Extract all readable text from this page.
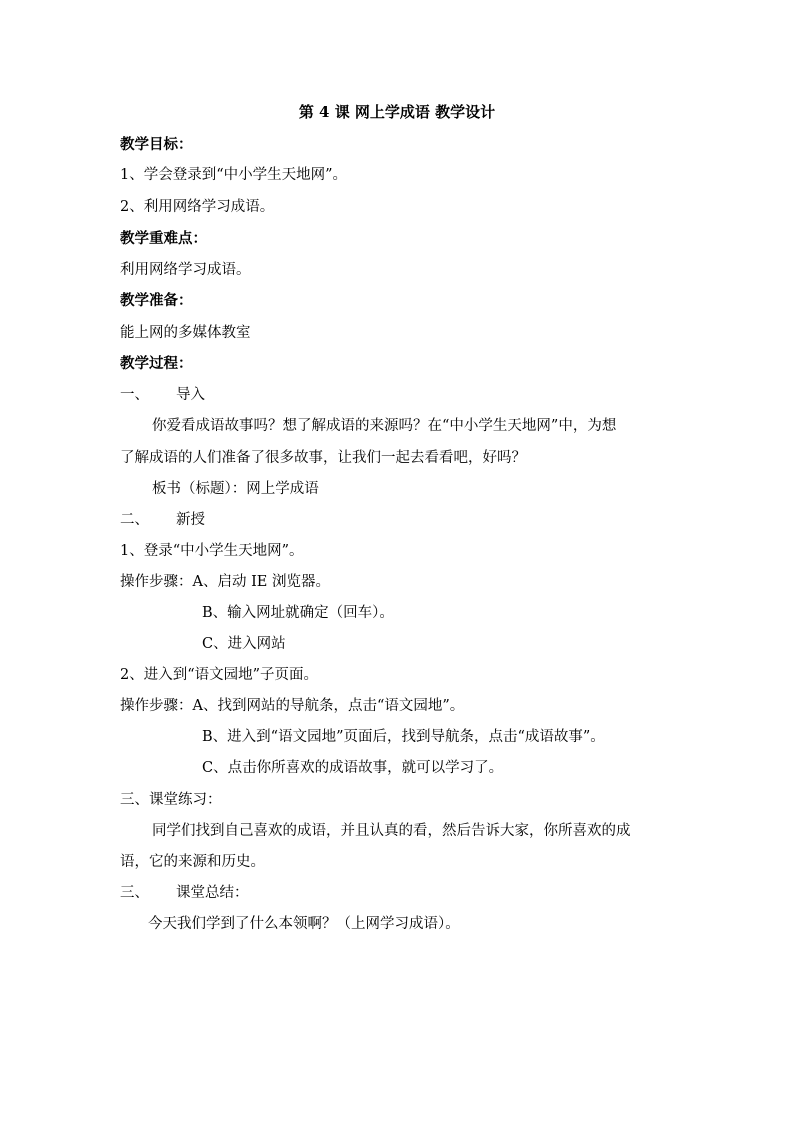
第 4 课 网上学成语 教学设计
教学目标：
1、学会登录到“中小学生天地网”。
2、利用网络学习成语。
教学重难点：
利用网络学习成语。
教学准备：
能上网的多媒体教室
教学过程：
一、 导入
你爱看成语故事吗？想了解成语的来源吗？在“中小学生天地网”中，为想
了解成语的人们准备了很多故事，让我们一起去看看吧，好吗？
板书（标题）：网上学成语
二、 新授
1、登录“中小学生天地网”。
操作步骤：A、启动 IE 浏览器。
B、输入网址就确定（回车）。
C、进入网站
2、进入到“语文园地”子页面。
操作步骤：A、找到网站的导航条，点击“语文园地”。
B、进入到“语文园地”页面后，找到导航条，点击“成语故事”。
C、点击你所喜欢的成语故事，就可以学习了。
三、课堂练习：
同学们找到自己喜欢的成语，并且认真的看，然后告诉大家，你所喜欢的成
语，它的来源和历史。
三、 课堂总结：
今天我们学到了什么本领啊？（上网学习成语）。
